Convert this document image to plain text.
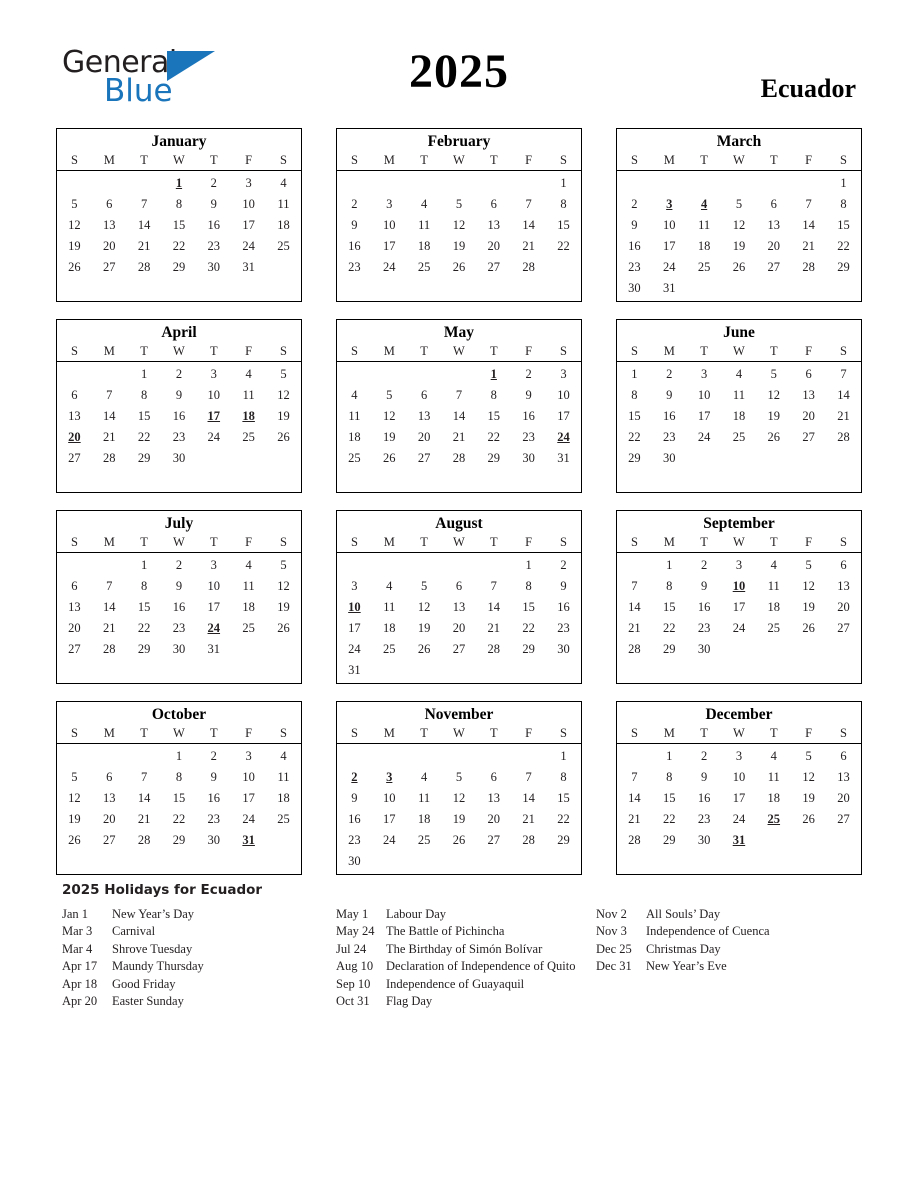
General
Blue	2025	Ecuador
January
S	M	T	W	T	F	S
			1	2	3	4
5	6	7	8	9	10	11
12	13	14	15	16	17	18
19	20	21	22	23	24	25
26	27	28	29	30	31	

February
S	M	T	W	T	F	S
						1
2	3	4	5	6	7	8
9	10	11	12	13	14	15
16	17	18	19	20	21	22
23	24	25	26	27	28	

March
S	M	T	W	T	F	S
						1
2	3	4	5	6	7	8
9	10	11	12	13	14	15
16	17	18	19	20	21	22
23	24	25	26	27	28	29
30	31					
April
S	M	T	W	T	F	S
		1	2	3	4	5
6	7	8	9	10	11	12
13	14	15	16	17	18	19
20	21	22	23	24	25	26
27	28	29	30			

May
S	M	T	W	T	F	S
				1	2	3
4	5	6	7	8	9	10
11	12	13	14	15	16	17
18	19	20	21	22	23	24
25	26	27	28	29	30	31

June
S	M	T	W	T	F	S
1	2	3	4	5	6	7
8	9	10	11	12	13	14
15	16	17	18	19	20	21
22	23	24	25	26	27	28
29	30					

July
S	M	T	W	T	F	S
		1	2	3	4	5
6	7	8	9	10	11	12
13	14	15	16	17	18	19
20	21	22	23	24	25	26
27	28	29	30	31		

August
S	M	T	W	T	F	S
					1	2
3	4	5	6	7	8	9
10	11	12	13	14	15	16
17	18	19	20	21	22	23
24	25	26	27	28	29	30
31						
September
S	M	T	W	T	F	S
	1	2	3	4	5	6
7	8	9	10	11	12	13
14	15	16	17	18	19	20
21	22	23	24	25	26	27
28	29	30				

October
S	M	T	W	T	F	S
			1	2	3	4
5	6	7	8	9	10	11
12	13	14	15	16	17	18
19	20	21	22	23	24	25
26	27	28	29	30	31	

November
S	M	T	W	T	F	S
						1
2	3	4	5	6	7	8
9	10	11	12	13	14	15
16	17	18	19	20	21	22
23	24	25	26	27	28	29
30						
December
S	M	T	W	T	F	S
	1	2	3	4	5	6
7	8	9	10	11	12	13
14	15	16	17	18	19	20
21	22	23	24	25	26	27
28	29	30	31			

2025 Holidays for Ecuador
Jan 1	New Year’s Day
Mar 3	Carnival
Mar 4	Shrove Tuesday
Apr 17	Maundy Thursday
Apr 18	Good Friday
Apr 20	Easter Sunday
May 1	Labour Day
May 24 The Battle of Pichincha
Jul 24	The Birthday of Simón Bolívar
Aug 10	Declaration of Independence of Quito
Sep 10	Independence of Guayaquil
Oct 31	Flag Day
Nov 2	All Souls’ Day
Nov 3	Independence of Cuenca
Dec 25	Christmas Day
Dec 31	New Year’s Eve
